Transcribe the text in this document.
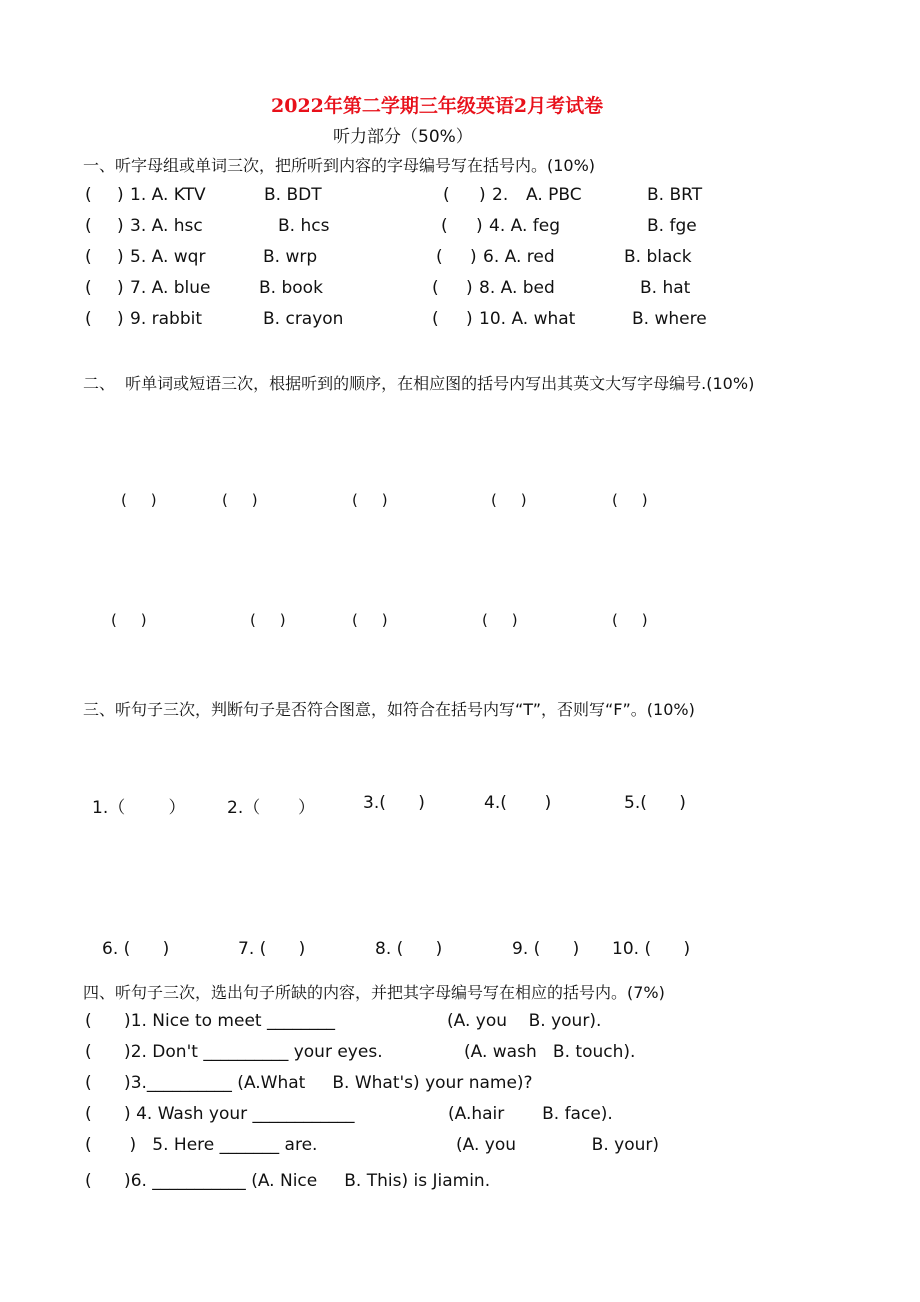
2022年第二学期三年级英语2月考试卷
听力部分（50%）
一、听字母组或单词三次，把所听到内容的字母编号写在括号内。(10%)
( ) 1. A. KTV	B. BDT	( ) 2. A. PBC	B. BRT
( ) 3. A. hsc	B. hcs	( ) 4. A. feg	B. fge
( ) 5. A. wqr	B. wrp	( ) 6. A. red	B. black
( ) 7. A. blue	B. book	( ) 8. A. bed	B. hat
( ) 9. rabbit	B. crayon	( ) 10. A. what	B. where
二、  听单词或短语三次，根据听到的顺序，在相应图的括号内写出其英文大写字母编号.(10%)
(     )	(     )	(     )	(     )	(     )
(     )	(     )	(     )	(     )	(     )
三、听句子三次，判断句子是否符合图意，如符合在括号内写“T”，否则写“F”。(10%)
1.（        ） 2.（       ）	3.(      )	4.(       )	5.(      )
6. (      )	7. (      )	8. (      )	9. (      ) 10. (      )
四、听句子三次，选出句子所缺的内容，并把其字母编号写在相应的括号内。(7%)
(      )1. Nice to meet ________	(A. you    B. your).
(      )2. Don't __________ your eyes.	(A. wash   B. touch).
(      )3.__________ (A.What     B. What's) your name)?
(      ) 4. Wash your ____________	(A.hair       B. face).
(       )   5. Here _______ are.	(A. you              B. your)
(      )6. ___________ (A. Nice     B. This) is Jiamin.
